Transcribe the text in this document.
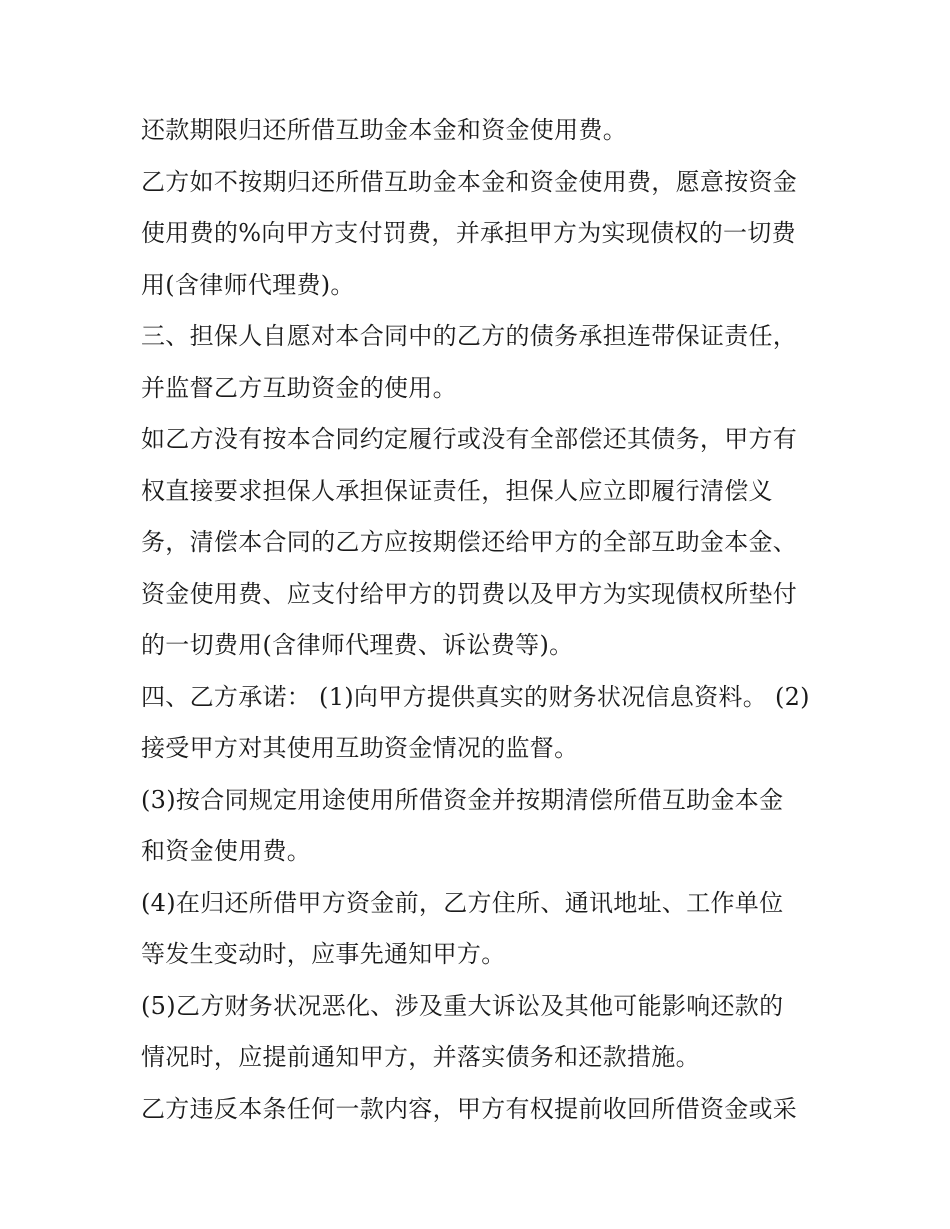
还款期限归还所借互助金本金和资金使用费。
乙方如不按期归还所借互助金本金和资金使用费，愿意按资金
使用费的%向甲方支付罚费，并承担甲方为实现债权的一切费
用(含律师代理费)。
三、担保人自愿对本合同中的乙方的债务承担连带保证责任，
并监督乙方互助资金的使用。
如乙方没有按本合同约定履行或没有全部偿还其债务，甲方有
权直接要求担保人承担保证责任，担保人应立即履行清偿义
务，清偿本合同的乙方应按期偿还给甲方的全部互助金本金、
资金使用费、应支付给甲方的罚费以及甲方为实现债权所垫付
的一切费用(含律师代理费、诉讼费等)。
四、乙方承诺： (1)向甲方提供真实的财务状况信息资料。 (2)
接受甲方对其使用互助资金情况的监督。
(3)按合同规定用途使用所借资金并按期清偿所借互助金本金
和资金使用费。
(4)在归还所借甲方资金前，乙方住所、通讯地址、工作单位
等发生变动时，应事先通知甲方。
(5)乙方财务状况恶化、涉及重大诉讼及其他可能影响还款的
情况时，应提前通知甲方，并落实债务和还款措施。
乙方违反本条任何一款内容，甲方有权提前收回所借资金或采
